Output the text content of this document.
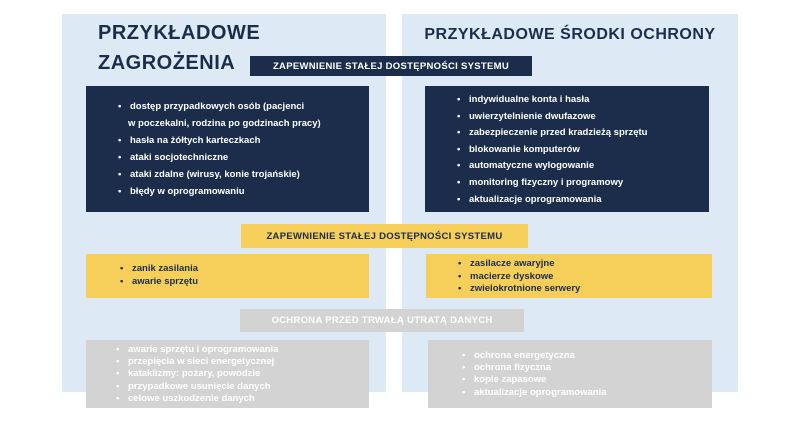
PRZYKŁADOWE ZAGROŻENIA
PRZYKŁADOWE ŚRODKI OCHRONY
ZAPEWNIENIE STAŁEJ DOSTĘPNOŚCI SYSTEMU
• dostęp przypadkowych osób (pacjenci
w poczekalni, rodzina po godzinach pracy)
• hasła na żółtych karteczkach
• ataki socjotechniczne
• ataki zdalne (wirusy, konie trojańskie)
• błędy w oprogramowaniu
• indywidualne konta i hasła
• uwierzytelnienie dwufazowe
• zabezpieczenie przed kradzieżą sprzętu
• blokowanie komputerów
• automatyczne wylogowanie
• monitoring fizyczny i programowy
• aktualizacje oprogramowania
ZAPEWNIENIE STAŁEJ DOSTĘPNOŚCI SYSTEMU
• zanik zasilania
• awarie sprzętu
• zasilacze awaryjne
• macierze dyskowe
• zwielokrotnione serwery
OCHRONA PRZED TRWAŁĄ UTRATĄ DANYCH
• awarie sprzętu i oprogramowania
• przepięcia w sieci energetycznej
• kataklizmy: pożary, powodzie
• przypadkowe usunięcie danych
• celowe uszkodzenie danych
• ochrona energetyczna
• ochrona fizyczna
• kopie zapasowe
• aktualizacje oprogramowania
